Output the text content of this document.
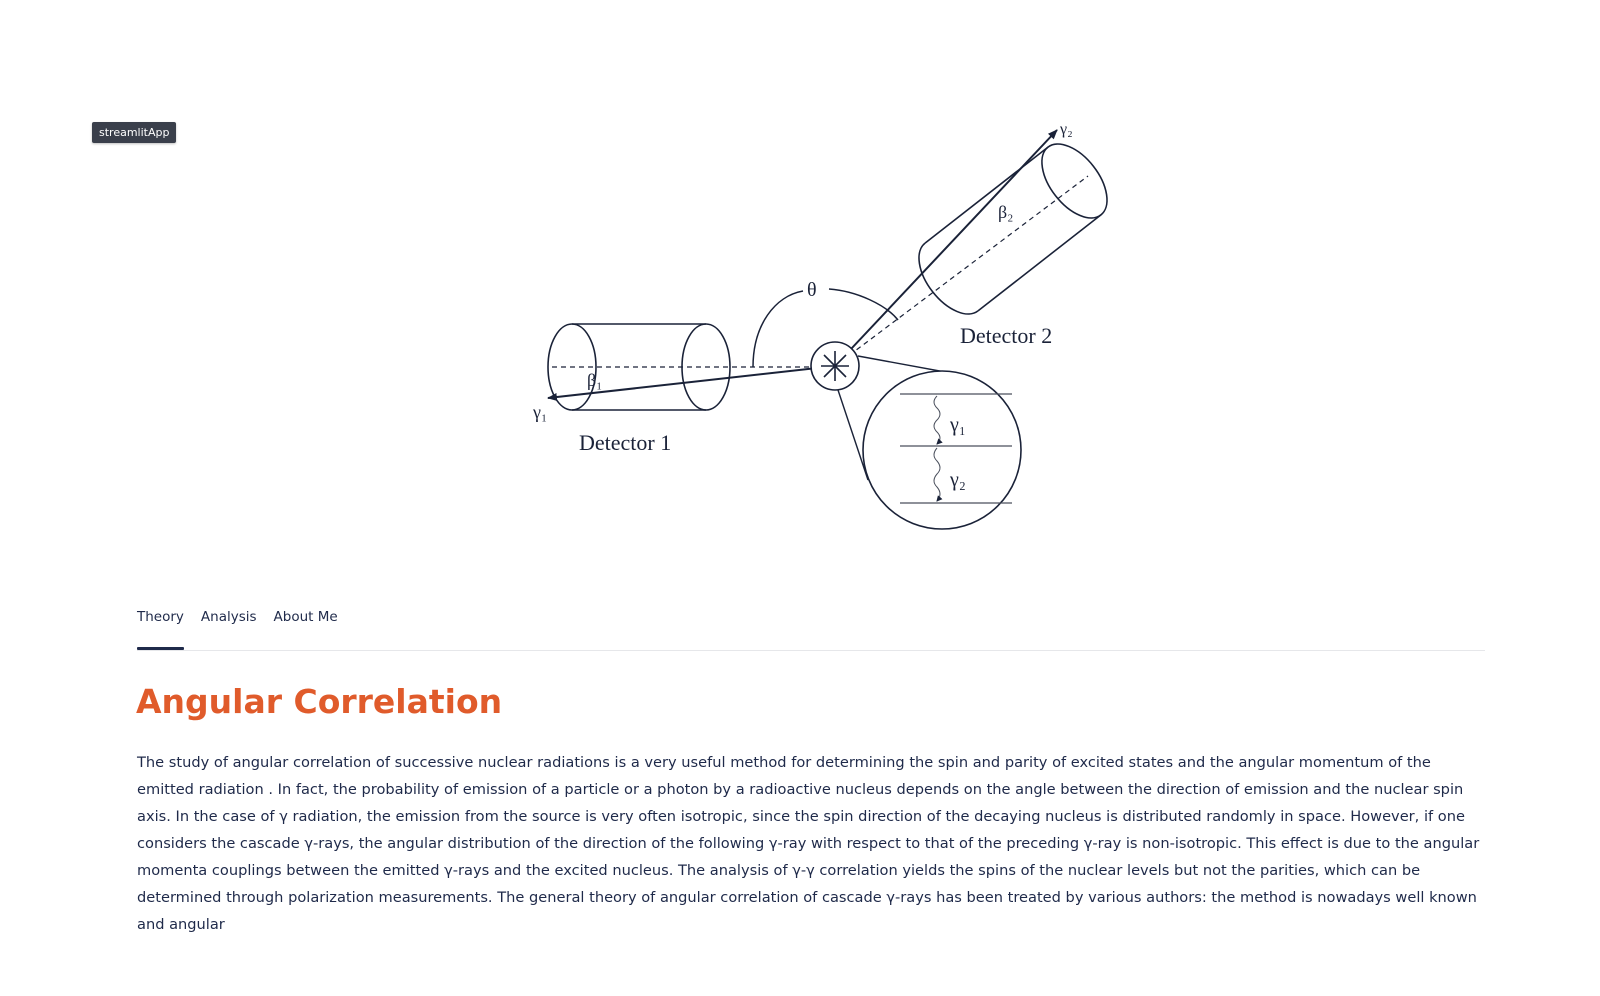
streamlitApp
γ₁
β₁
Detector 1
θ
γ₂
β₂
Detector 2
γ₁
γ₂
Theory Analysis About Me
Angular Correlation

The study of angular correlation of successive nuclear radiations is a very useful method for determining the spin and parity of excited states and the angular momentum of the emitted radiation . In fact, the probability of emission of a particle or a photon by a radioactive nucleus depends on the angle between the direction of emission and the nuclear spin axis. In the case of γ radiation, the emission from the source is very often isotropic, since the spin direction of the decaying nucleus is distributed randomly in space. However, if one considers the cascade γ-rays, the angular distribution of the direction of the following γ-ray with respect to that of the preceding γ-ray is non-isotropic. This effect is due to the angular momenta couplings between the emitted γ-rays and the excited nucleus. The analysis of γ-γ correlation yields the spins of the nuclear levels but not the parities, which can be determined through polarization measurements. The general theory of angular correlation of cascade γ-rays has been treated by various authors: the method is nowadays well known and angular
